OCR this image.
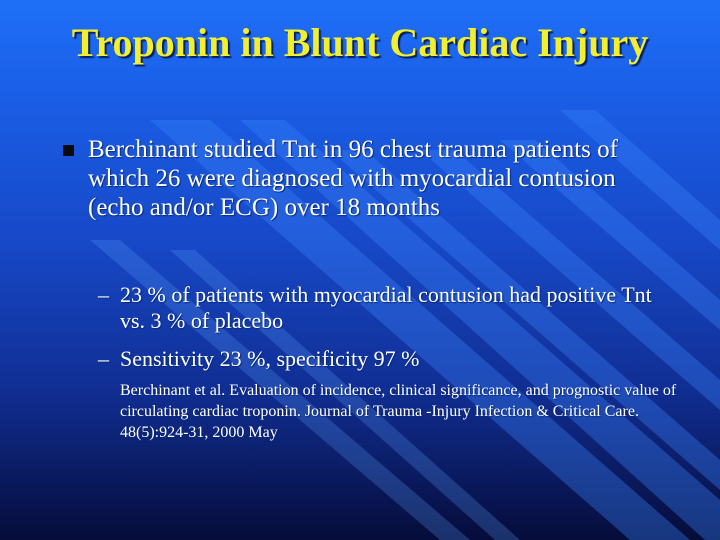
Troponin in Blunt Cardiac Injury

Berchinant studied Tnt in 96 chest trauma patients of which 26 were diagnosed with myocardial contusion (echo and/or ECG) over 18 months

– 23 % of patients with myocardial contusion had positive Tnt vs. 3 % of placebo

– Sensitivity 23 %, specificity 97 %

Berchinant et al. Evaluation of incidence, clinical significance, and prognostic value of circulating cardiac troponin. Journal of Trauma -Injury Infection & Critical Care. 48(5):924-31, 2000 May
